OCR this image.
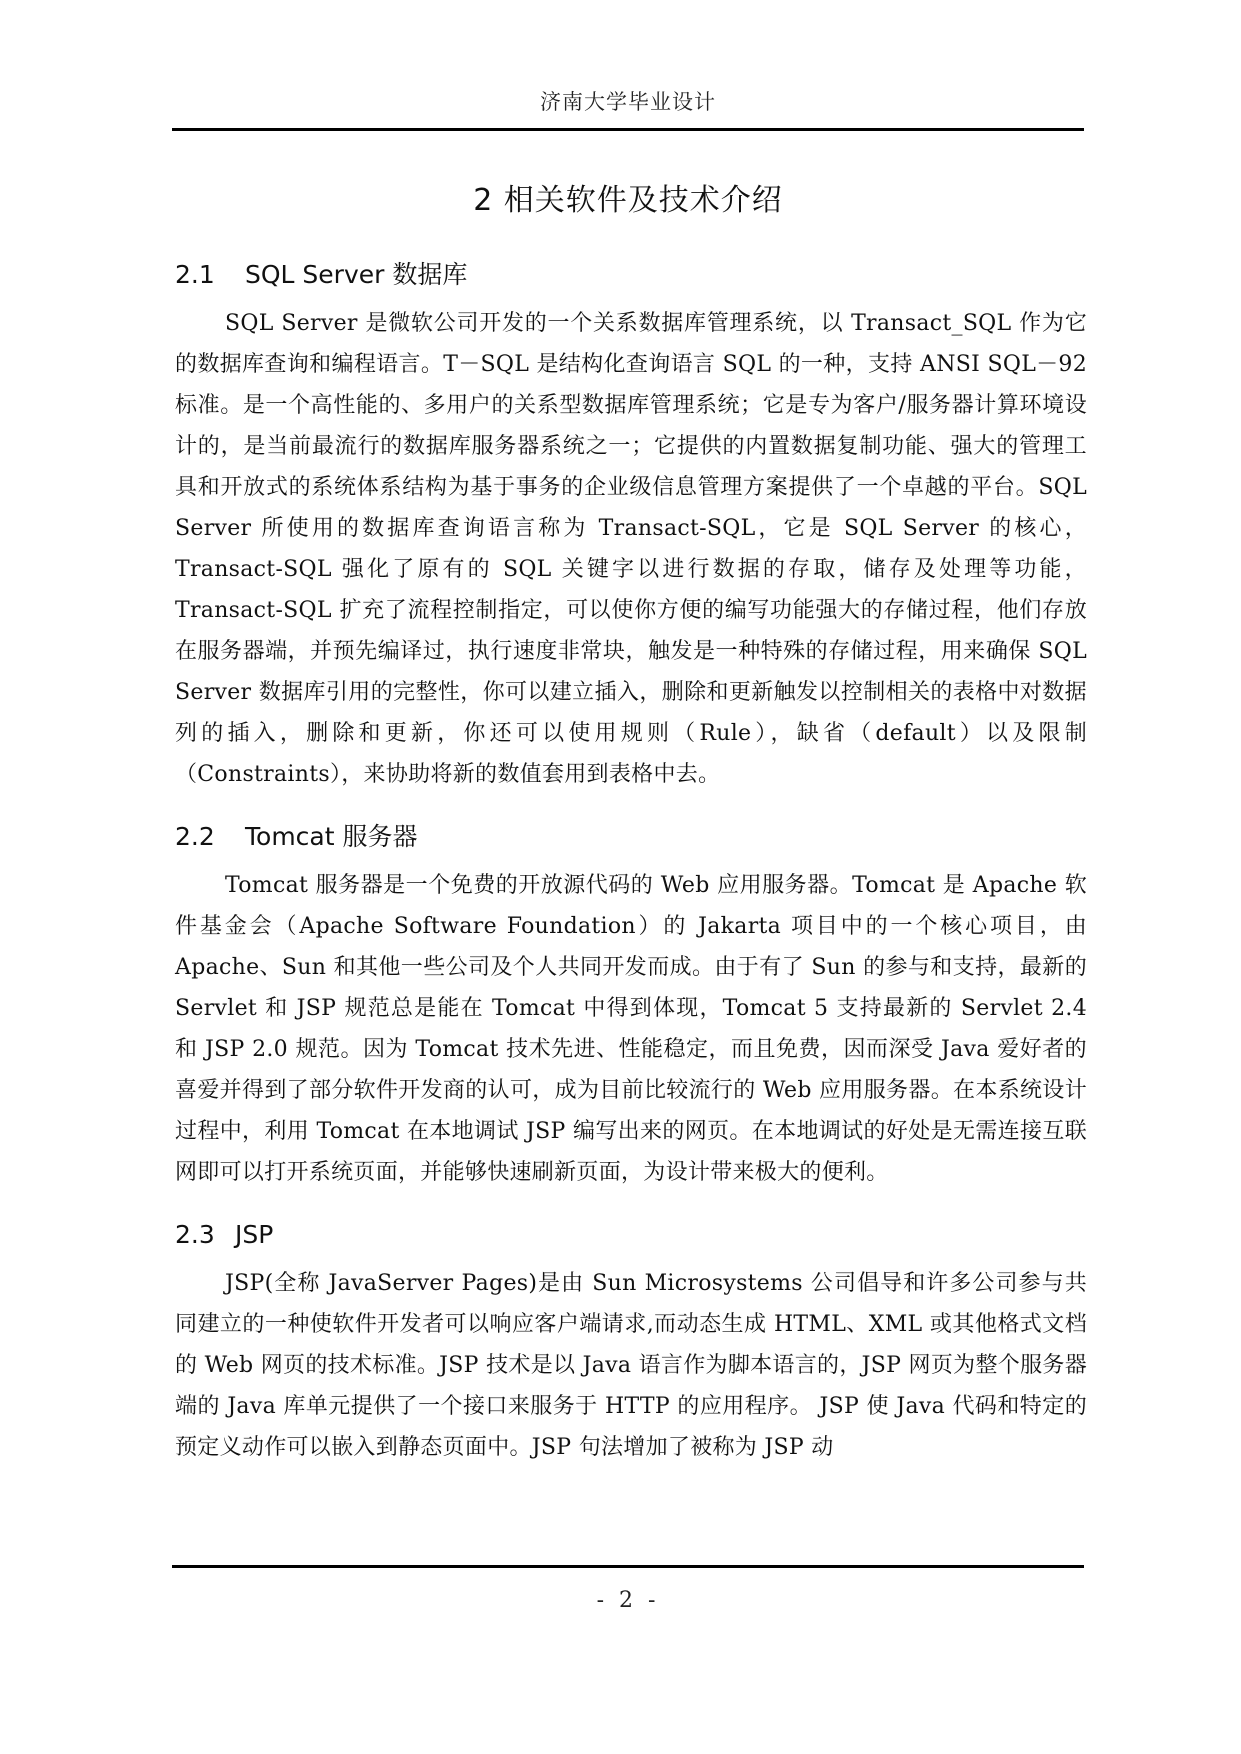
济南大学毕业设计
2 相关软件及技术介绍
2.1 SQL Server 数据库

SQL Server 是微软公司开发的一个关系数据库管理系统，以 Transact_SQL 作为它的数据库查询和编程语言。T－SQL 是结构化查询语言 SQL 的一种，支持 ANSI SQL－92 标准。是一个高性能的、多用户的关系型数据库管理系统；它是专为客户/服务器计算环境设计的，是当前最流行的数据库服务器系统之一；它提供的内置数据复制功能、强大的管理工具和开放式的系统体系结构为基于事务的企业级信息管理方案提供了一个卓越的平台。SQL Server 所使用的数据库查询语言称为 Transact-SQL，它是 SQL Server 的核心，Transact-SQL 强化了原有的 SQL 关键字以进行数据的存取，储存及处理等功能，Transact-SQL 扩充了流程控制指定，可以使你方便的编写功能强大的存储过程，他们存放在服务器端，并预先编译过，执行速度非常块，触发是一种特殊的存储过程，用来确保 SQL Server 数据库引用的完整性，你可以建立插入，删除和更新触发以控制相关的表格中对数据列的插入，删除和更新，你还可以使用规则（Rule），缺省（default）以及限制（Constraints），来协助将新的数值套用到表格中去。

2.2 Tomcat 服务器

Tomcat 服务器是一个免费的开放源代码的 Web 应用服务器。Tomcat 是 Apache 软件基金会（Apache Software Foundation）的 Jakarta 项目中的一个核心项目，由 Apache、Sun 和其他一些公司及个人共同开发而成。由于有了 Sun 的参与和支持，最新的 Servlet 和 JSP 规范总是能在 Tomcat 中得到体现，Tomcat 5 支持最新的 Servlet 2.4 和 JSP 2.0 规范。因为 Tomcat 技术先进、性能稳定，而且免费，因而深受 Java 爱好者的喜爱并得到了部分软件开发商的认可，成为目前比较流行的 Web 应用服务器。在本系统设计过程中，利用 Tomcat 在本地调试 JSP 编写出来的网页。在本地调试的好处是无需连接互联网即可以打开系统页面，并能够快速刷新页面，为设计带来极大的便利。

2.3 JSP

JSP(全称 JavaServer Pages)是由 Sun Microsystems 公司倡导和许多公司参与共同建立的一种使软件开发者可以响应客户端请求,而动态生成 HTML、XML 或其他格式文档的 Web 网页的技术标准。JSP 技术是以 Java 语言作为脚本语言的，JSP 网页为整个服务器端的 Java 库单元提供了一个接口来服务于 HTTP 的应用程序。 JSP 使 Java 代码和特定的预定义动作可以嵌入到静态页面中。JSP 句法增加了被称为 JSP 动

- 2 -
